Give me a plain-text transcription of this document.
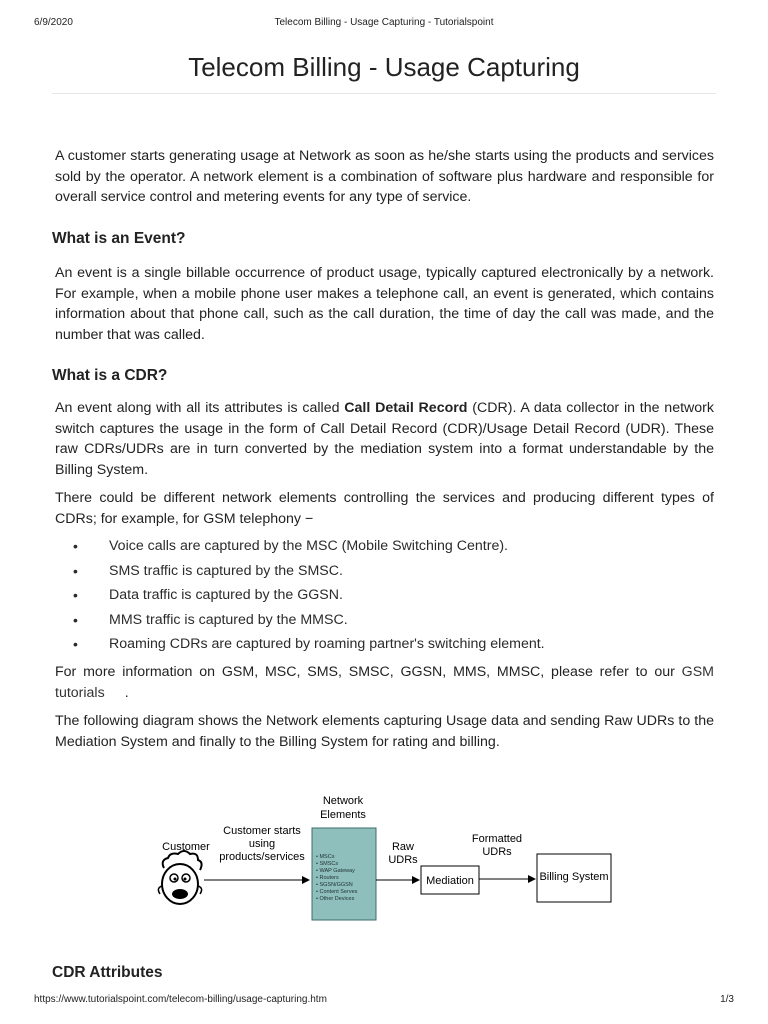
6/9/2020	Telecom Billing - Usage Capturing - Tutorialspoint
Telecom Billing - Usage Capturing

A customer starts generating usage at Network as soon as he/she starts using the products and services sold by the operator. A network element is a combination of software plus hardware and responsible for overall service control and metering events for any type of service.

What is an Event?

An event is a single billable occurrence of product usage, typically captured electronically by a network. For example, when a mobile phone user makes a telephone call, an event is generated, which contains information about that phone call, such as the call duration, the time of day the call was made, and the number that was called.

What is a CDR?

An event along with all its attributes is called Call Detail Record (CDR). A data collector in the network switch captures the usage in the form of Call Detail Record (CDR)/Usage Detail Record (UDR). These raw CDRs/UDRs are in turn converted by the mediation system into a format understandable by the Billing System.

There could be different network elements controlling the services and producing different types of CDRs; for example, for GSM telephony −

• Voice calls are captured by the MSC (Mobile Switching Centre).
• SMS traffic is captured by the SMSC.
• Data traffic is captured by the GGSN.
• MMS traffic is captured by the MMSC.
• Roaming CDRs are captured by roaming partner's switching element.

For more information on GSM, MSC, SMS, SMSC, GGSN, MMS, MMSC, please refer to our GSM tutorials .

The following diagram shows the Network elements capturing Usage data and sending Raw UDRs to the Mediation System and finally to the Billing System for rating and billing.

Network
Elements
• MSCs • SMSCs • WAP Gateway • Routers • SGSN/GGSN • Content Serves • Other Devices
Customer
Customer starts
using
products/services
Raw
UDRs
Mediation
Formatted
UDRs
Billing System
CDR Attributes
https://www.tutorialspoint.com/telecom-billing/usage-capturing.htm	1/3
